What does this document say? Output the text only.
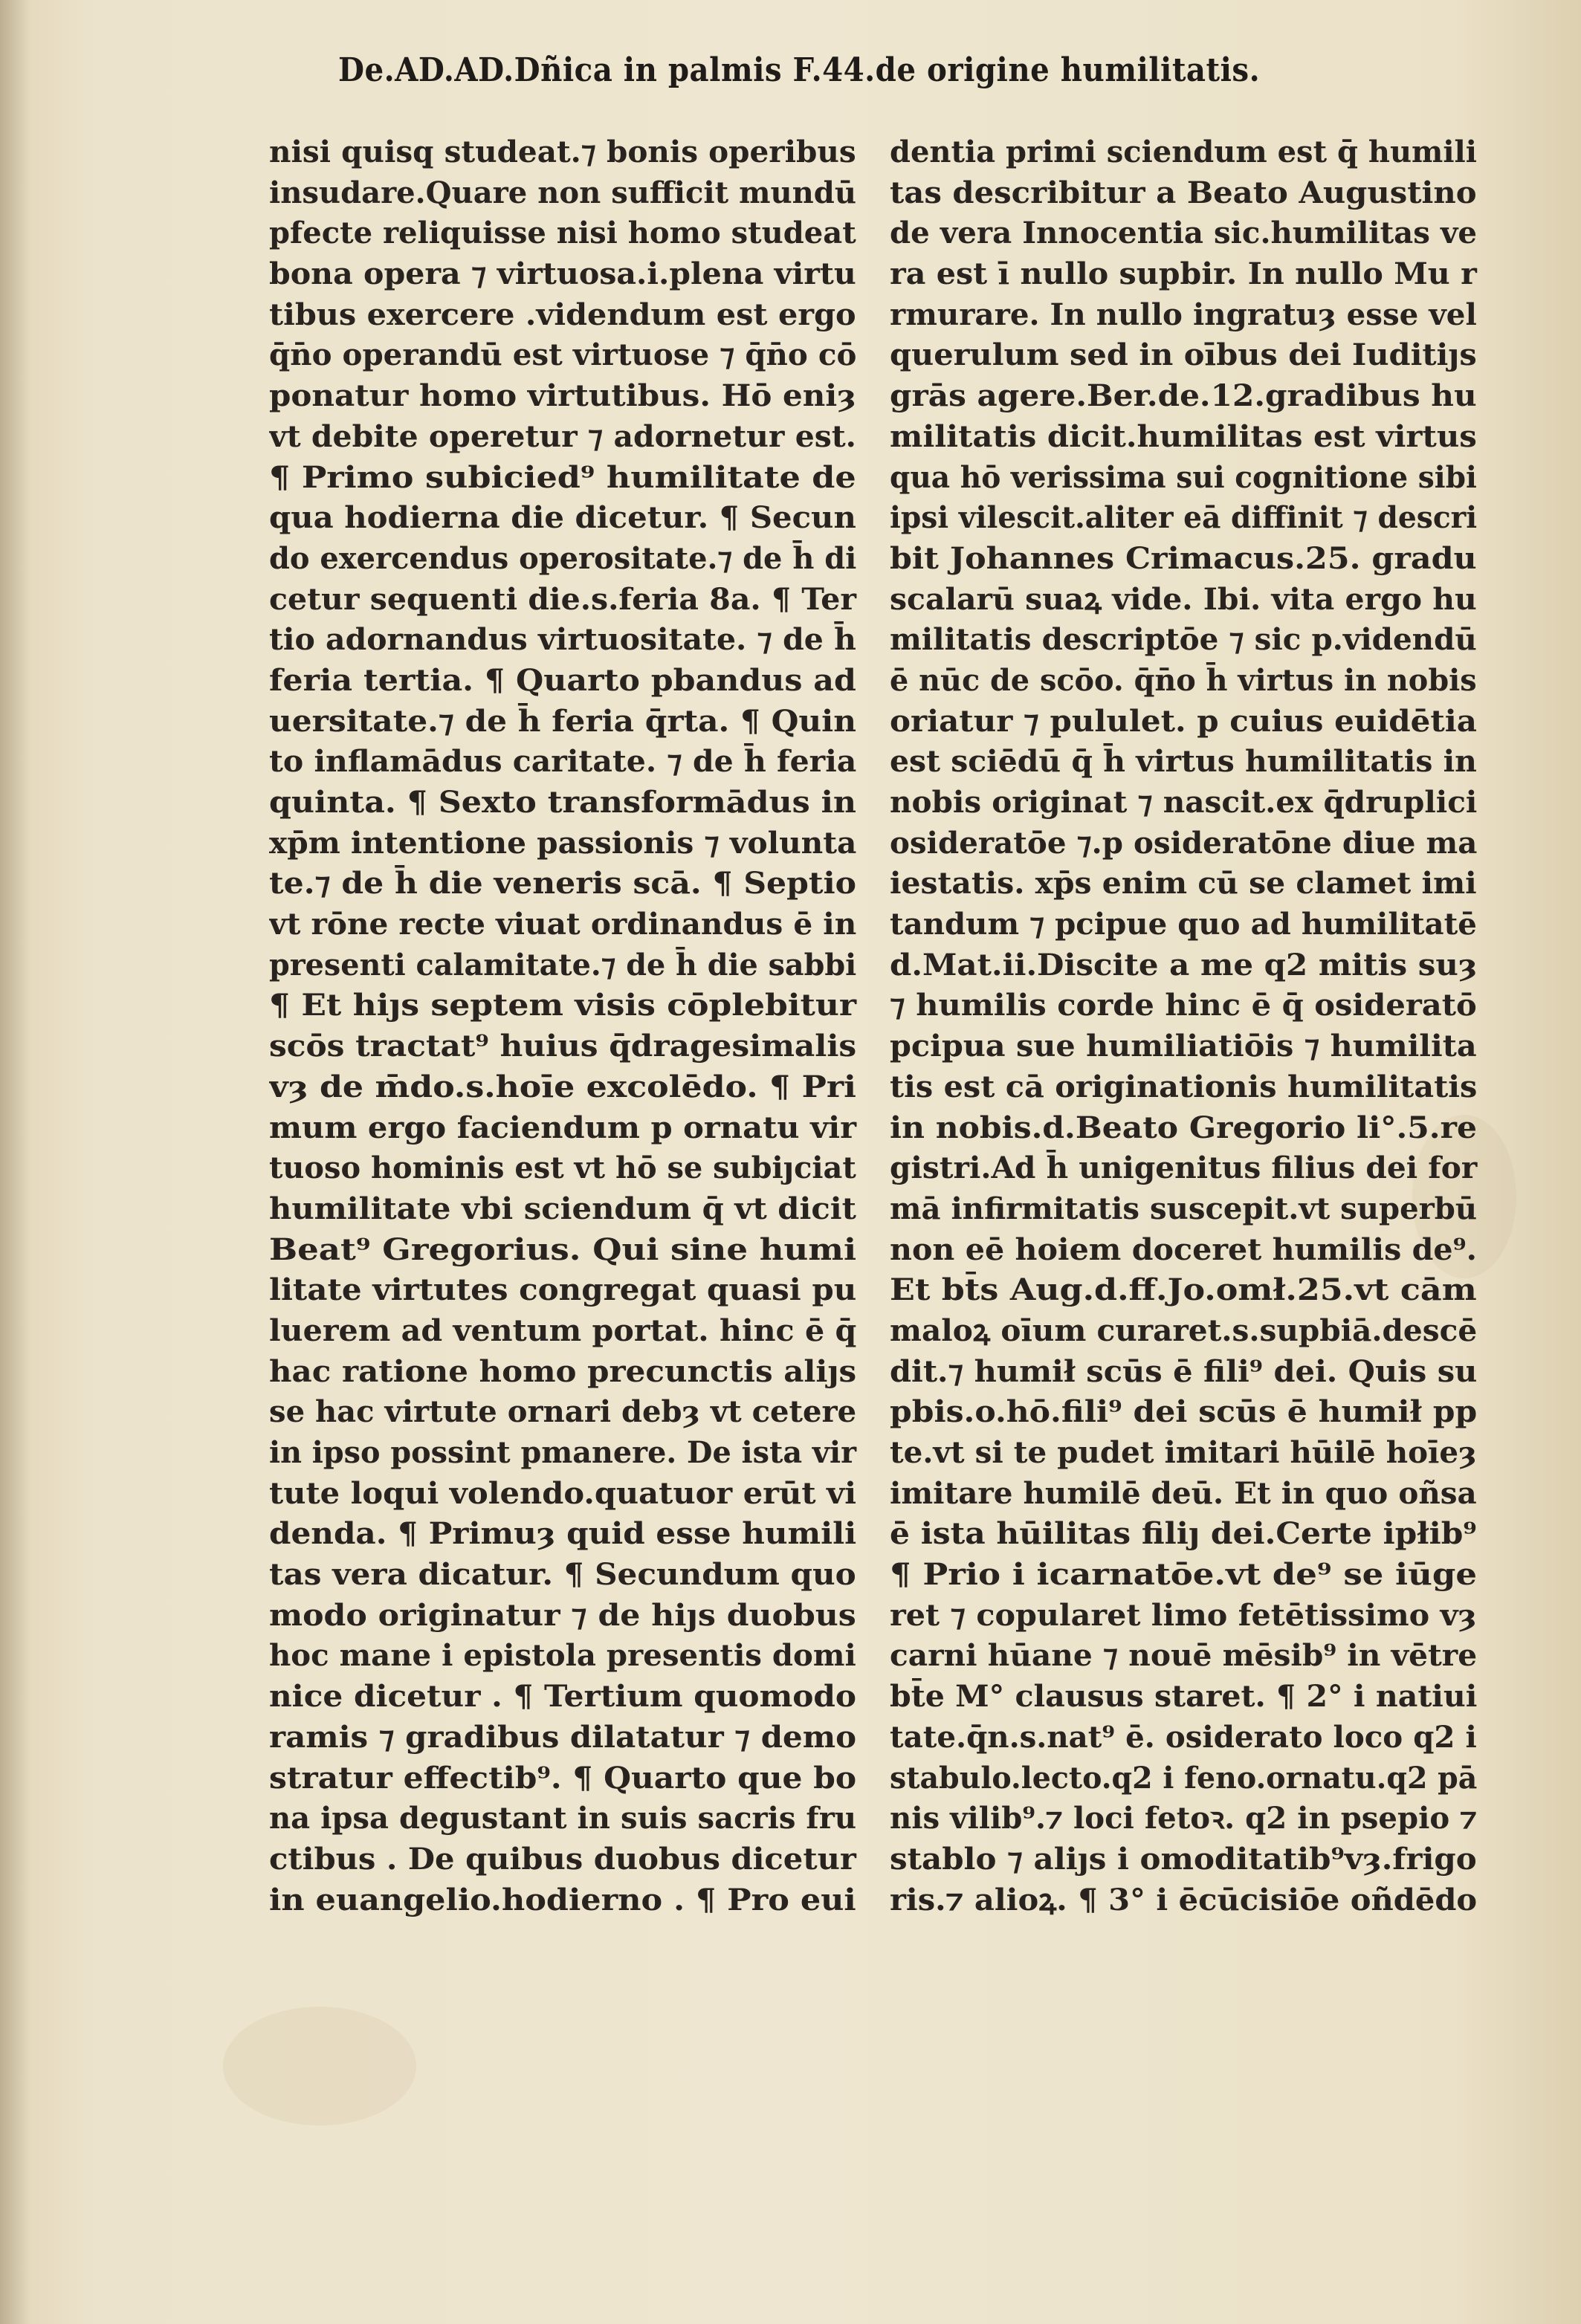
De.AD.AD.Dñica in palmis F.44.de origine humilitatis.
nisi quisq̧ studeat.⁊ bonis operibus
insudare.Quare non sufficit mundū
pfecte reliquisse nisi homo studeat
bona opera ⁊ virtuosa.i.plena virtu
tibus exercere .videndum est ergo
q̄n̄o operandū est virtuose ⁊ q̄n̄o cō
ponatur homo virtutibus. Hō eniȝ
vt debite operetur ⁊ adornetur est.
¶ Primo subicied⁹ humilitate de
qua hodierna die dicetur. ¶ Secun
do exercendus operositate.⁊ de h̄ di
cetur sequenti die.s.feria 8a. ¶ Ter
tio adornandus virtuositate. ⁊ de h̄
feria tertia. ¶ Quarto pbandus ad
uersitate.⁊ de h̄ feria q̄rta. ¶ Quin
to inflamādus caritate. ⁊ de h̄ feria
quinta. ¶ Sexto transformādus in
xp̄m intentione passionis ⁊ volunta
te.⁊ de h̄ die veneris scā. ¶ Septio
vt rōne recte viuat ordinandus ē in
presenti calamitate.⁊ de h̄ die sabbi
¶ Et hiȷs septem visis cōplebitur
scōs tractat⁹ huius q̄dragesimalis
vȝ de m̄do.s.hoīe excolēdo. ¶ Pri
mum ergo faciendum p ornatu vir
tuoso hominis est vt hō se subiȷciat
humilitate vbi sciendum q̄ vt dicit
Beat⁹ Gregorius. Qui sine humi
litate virtutes congregat quasi pu
luerem ad ventum portat. hinc ē q̄
hac ratione homo precunctis aliȷs
se hac virtute ornari debȝ vt cetere
in ipso possint pmanere. De ista vir
tute loqui volendo.quatuor erūt vi
denda. ¶ Primuȝ quid esse humili
tas vera dicatur. ¶ Secundum quo
modo originatur ⁊ de hiȷs duobus
hoc mane i epistola presentis domi
nice dicetur . ¶ Tertium quomodo
ramis ⁊ gradibus dilatatur ⁊ demo
stratur effectib⁹. ¶ Quarto que bo
na ipsa degustant in suis sacris fru
ctibus . De quibus duobus dicetur
in euangelio.hodierno . ¶ Pro eui
dentia primi sciendum est q̄ humili
tas describitur a Beato Augustino
de vera Innocentia sic.humilitas ve
ra est ī nullo supbir. In nullo Mu r
rmurare. In nullo ingratuȝ esse vel
querulum sed in oībus dei Iuditiȷs
grās agere.Ber.de.12.gradibus hu
militatis dicit.humilitas est virtus
qua hō verissima sui cognitione sibi
ipsi vilescit.aliter eā diffinit ⁊ descri
bit Johannes Crimacus.25. gradu
scalarū suaꝝ vide. Ibi. vita ergo hu
militatis descriptōe ⁊ sic p.videndū
ē nūc de scōo. q̄n̄o h̄ virtus in nobis
oriatur ⁊ pululet. p cuius euidētia
est sciēdū q̄ h̄ virtus humilitatis in
nobis originat ⁊ nascit.ex q̄druplici
osideratōe ⁊.p osideratōne diue ma
iestatis. xp̄s enim cū se clamet imi
tandum ⁊ pcipue quo ad humilitatē
d.Mat.ii.Discite a me q2 mitis suȝ
⁊ humilis corde hinc ē q̄ osideratō
pcipua sue humiliatiōis ⁊ humilita
tis est cā originationis humilitatis
in nobis.d.Beato Gregorio li°.5.re
gistri.Ad h̄ unigenitus filius dei for
mā infirmitatis suscepit.vt superbū
non eē hoiem doceret humilis de⁹.
Et bt̄s Aug.d.ff.Jo.omł.25.vt cām
maloꝝ oīum curaret.s.supbiā.descē
dit.⁊ humił scūs ē fili⁹ dei. Quis su
pbis.o.hō.fili⁹ dei scūs ē humił pp
te.vt si te pudet imitari hūilē hoīeȝ
imitare humilē deū. Et in quo oñsa
ē ista hūilitas filiȷ dei.Certe ipłib⁹
¶ Prio i icarnatōe.vt de⁹ se iūge
ret ⁊ copularet limo fetētissimo vȝ
carni hūane ⁊ nouē mēsib⁹ in vētre
bt̄e M° clausus staret. ¶ 2° i natiui
tate.q̄n.s.nat⁹ ē. osiderato loco q2 i
stabulo.lecto.q2 i feno.ornatu.q2 pā
nis vilib⁹.⁊ loci fetoꝛ. q2 in psepio ⁊
stablo ⁊ aliȷs i omoditatib⁹vȝ.frigo
ris.⁊ alioꝝ. ¶ 3° i ēcūcisiōe oñdēdo
